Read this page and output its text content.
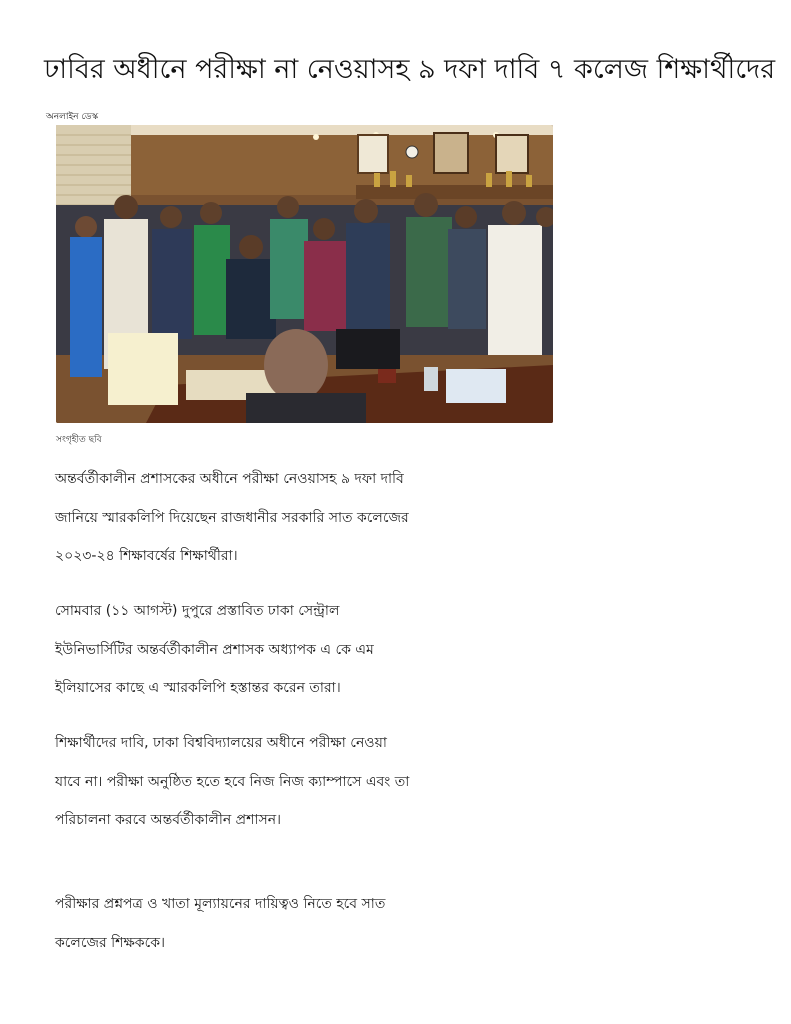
ঢাবির অধীনে পরীক্ষা না নেওয়াসহ ৯ দফা দাবি ৭ কলেজ শিক্ষার্থীদের
অনলাইন ডেস্ক
সংগৃহীত ছবি

অন্তর্বর্তীকালীন প্রশাসকের অধীনে পরীক্ষা নেওয়াসহ ৯ দফা দাবি
জানিয়ে স্মারকলিপি দিয়েছেন রাজধানীর সরকারি সাত কলেজের
২০২৩-২৪ শিক্ষাবর্ষের শিক্ষার্থীরা।

সোমবার (১১ আগস্ট) দুপুরে প্রস্তাবিত ঢাকা সেন্ট্রাল
ইউনিভার্সিটির অন্তর্বর্তীকালীন প্রশাসক অধ্যাপক এ কে এম
ইলিয়াসের কাছে এ স্মারকলিপি হস্তান্তর করেন তারা।

শিক্ষার্থীদের দাবি, ঢাকা বিশ্ববিদ্যালয়ের অধীনে পরীক্ষা নেওয়া
যাবে না। পরীক্ষা অনুষ্ঠিত হতে হবে নিজ নিজ ক্যাম্পাসে এবং তা
পরিচালনা করবে অন্তর্বর্তীকালীন প্রশাসন।

পরীক্ষার প্রশ্নপত্র ও খাতা মূল্যায়নের দায়িত্বও নিতে হবে সাত
কলেজের শিক্ষককে।
